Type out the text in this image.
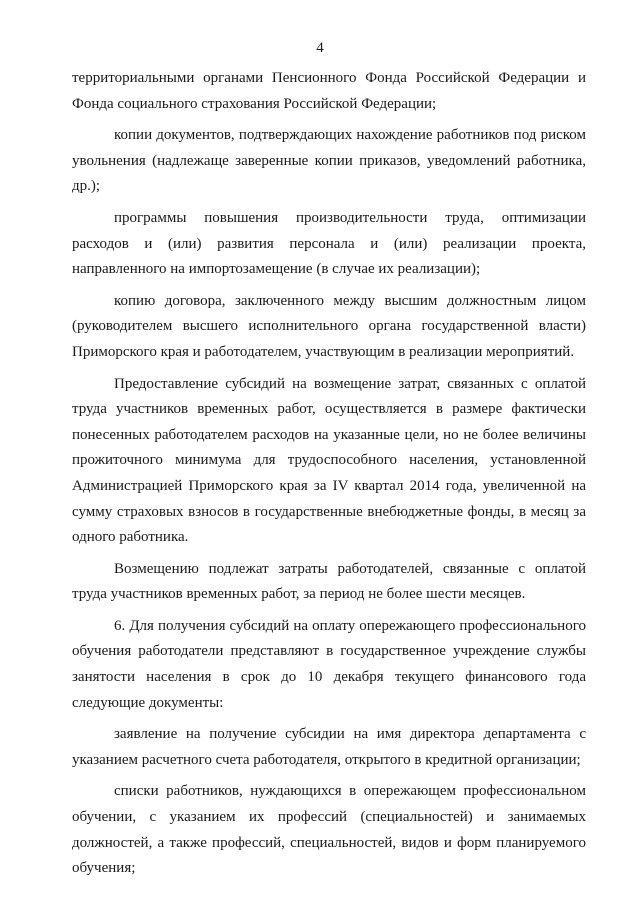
4

территориальными органами Пенсионного Фонда Российской Федерации и Фонда социального страхования Российской Федерации;

копии документов, подтверждающих нахождение работников под риском увольнения (надлежаще заверенные копии приказов, уведомлений работника, др.);

программы повышения производительности труда, оптимизации расходов и (или) развития персонала и (или) реализации проекта, направленного на импортозамещение (в случае их реализации);

копию договора, заключенного между высшим должностным лицом (руководителем высшего исполнительного органа государственной власти) Приморского края и работодателем, участвующим в реализации мероприятий.

Предоставление субсидий на возмещение затрат, связанных с оплатой труда участников временных работ, осуществляется в размере фактически понесенных работодателем расходов на указанные цели, но не более величины прожиточного минимума для трудоспособного населения, установленной Администрацией Приморского края за IV квартал 2014 года, увеличенной на сумму страховых взносов в государственные внебюджетные фонды, в месяц за одного работника.

Возмещению подлежат затраты работодателей, связанные с оплатой труда участников временных работ, за период не более шести месяцев.

6. Для получения субсидий на оплату опережающего профессионального обучения работодатели представляют в государственное учреждение службы занятости населения в срок до 10 декабря текущего финансового года следующие документы:

заявление на получение субсидии на имя директора департамента с указанием расчетного счета работодателя, открытого в кредитной организации;

списки работников, нуждающихся в опережающем профессиональном обучении, с указанием их профессий (специальностей) и занимаемых должностей, а также профессий, специальностей, видов и форм планируемого обучения;
